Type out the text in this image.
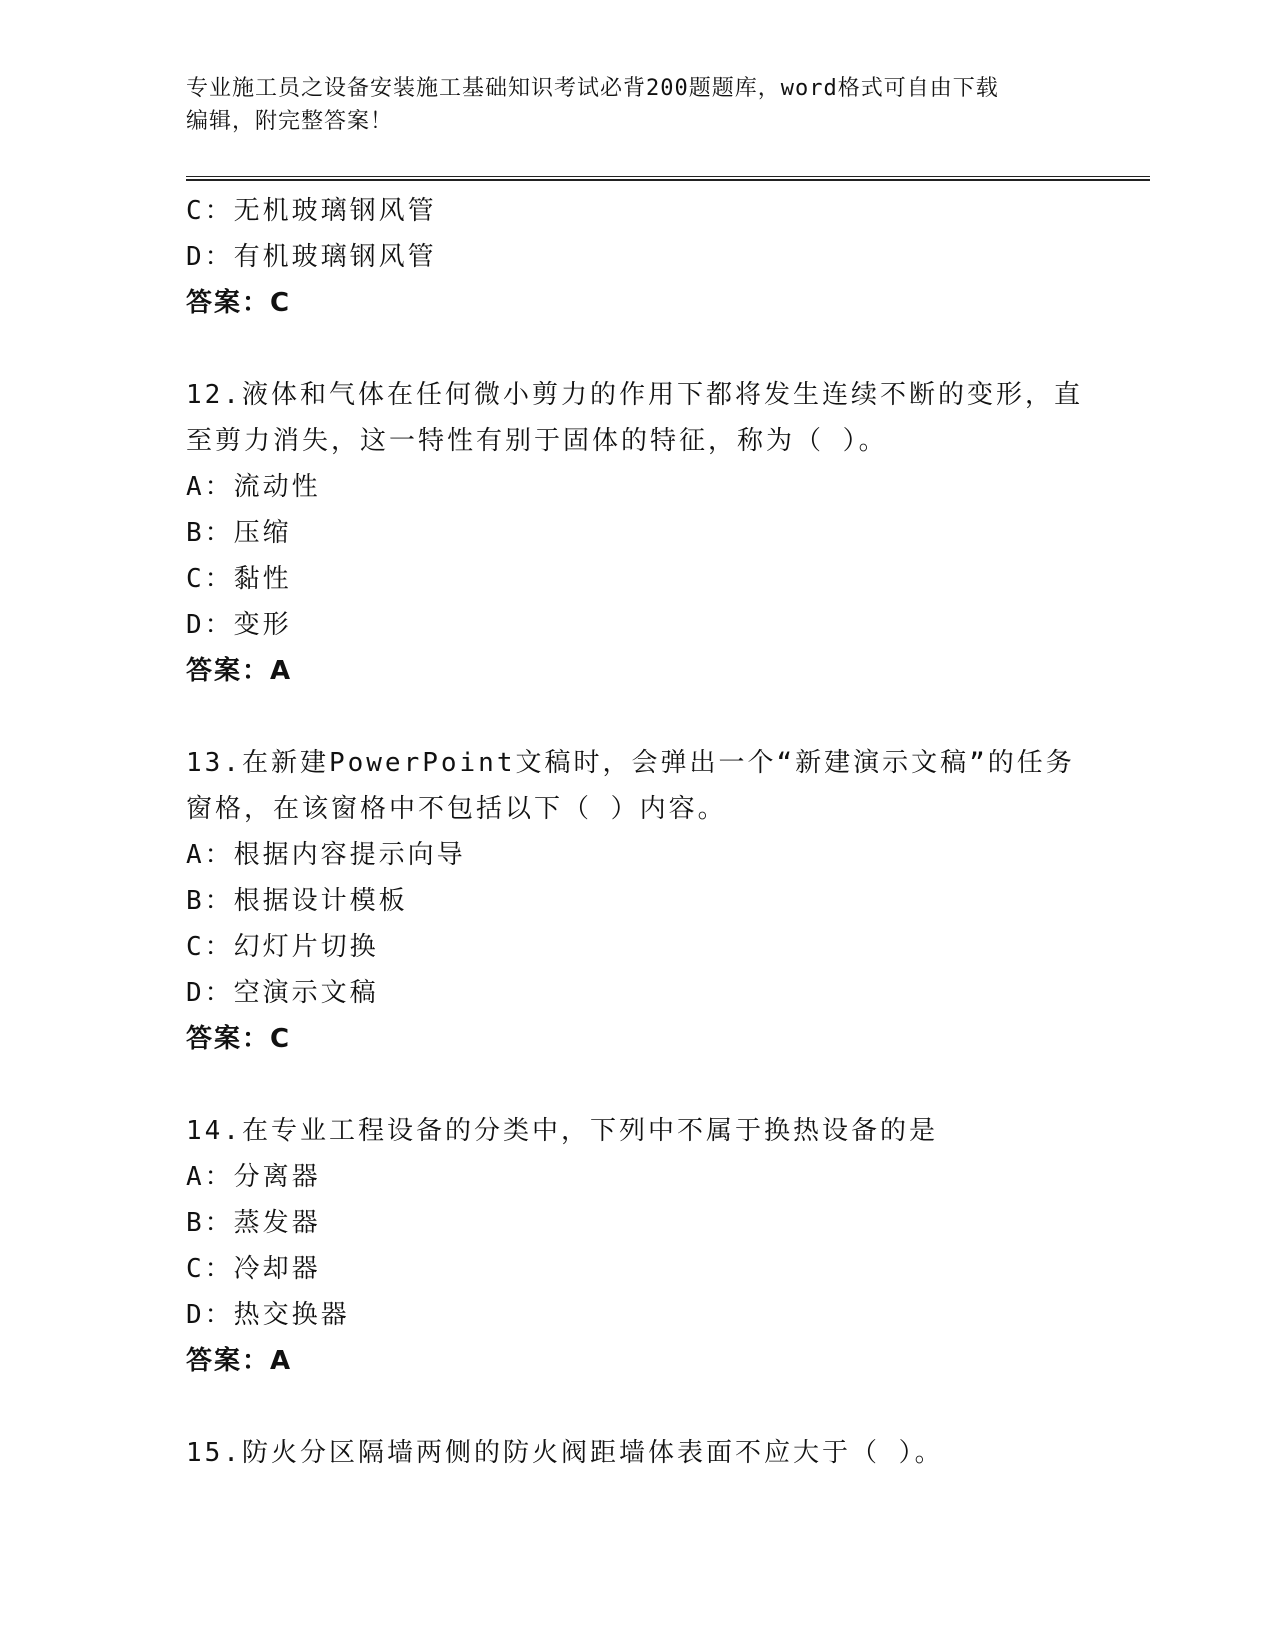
专业施工员之设备安装施工基础知识考试必背200题题库，word格式可自由下载
编辑，附完整答案！
C：无机玻璃钢风管
D：有机玻璃钢风管
答案：C
12.液体和气体在任何微小剪力的作用下都将发生连续不断的变形，直
至剪力消失，这一特性有别于固体的特征，称为（ ）。
A：流动性
B：压缩
C：黏性
D：变形
答案：A
13.在新建PowerPoint文稿时，会弹出一个“新建演示文稿”的任务
窗格，在该窗格中不包括以下（ ）内容。
A：根据内容提示向导
B：根据设计模板
C：幻灯片切换
D：空演示文稿
答案：C
14.在专业工程设备的分类中，下列中不属于换热设备的是
A：分离器
B：蒸发器
C：冷却器
D：热交换器
答案：A
15.防火分区隔墙两侧的防火阀距墙体表面不应大于（ ）。
